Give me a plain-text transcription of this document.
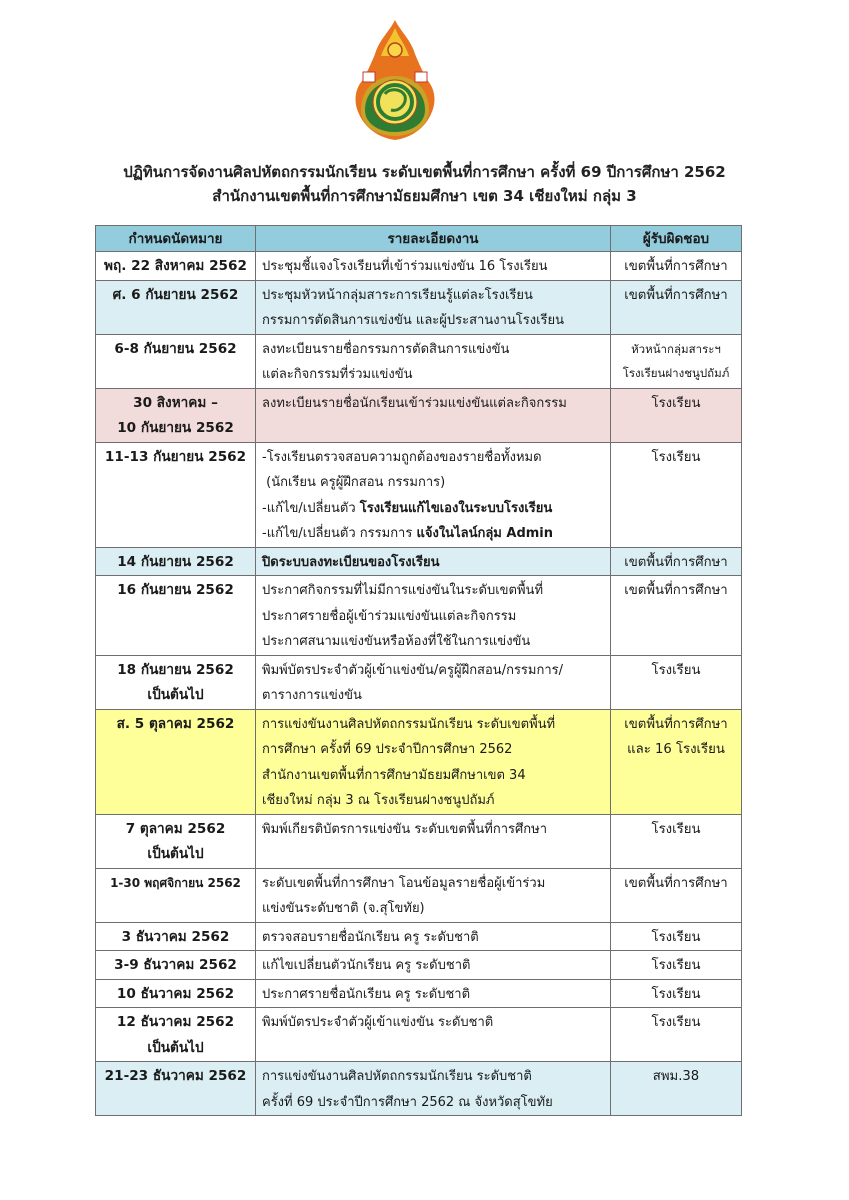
ปฏิทินการจัดงานศิลปหัตถกรรมนักเรียน ระดับเขตพื้นที่การศึกษา ครั้งที่ 69 ปีการศึกษา 2562
สำนักงานเขตพื้นที่การศึกษามัธยมศึกษา เขต 34 เชียงใหม่ กลุ่ม 3
กำหนดนัดหมาย	รายละเอียดงาน	ผู้รับผิดชอบ

พฤ. 22 สิงหาคม 2562	ประชุมชี้แจงโรงเรียนที่เข้าร่วมแข่งขัน 16 โรงเรียน	เขตพื้นที่การศึกษา

ศ. 6 กันยายน 2562	ประชุมหัวหน้ากลุ่มสาระการเรียนรู้แต่ละโรงเรียน
กรรมการตัดสินการแข่งขัน และผู้ประสานงานโรงเรียน	เขตพื้นที่การศึกษา

6-8 กันยายน 2562	ลงทะเบียนรายชื่อกรรมการตัดสินการแข่งขัน
แต่ละกิจกรรมที่ร่วมแข่งขัน	หัวหน้ากลุ่มสาระฯ
โรงเรียนฝางชนูปถัมภ์

30 สิงหาคม –
10 กันยายน 2562	ลงทะเบียนรายชื่อนักเรียนเข้าร่วมแข่งขันแต่ละกิจกรรม	โรงเรียน

11-13 กันยายน 2562	-โรงเรียนตรวจสอบความถูกต้องของรายชื่อทั้งหมด
(นักเรียน ครูผู้ฝึกสอน กรรมการ)
-แก้ไข/เปลี่ยนตัว โรงเรียนแก้ไขเองในระบบโรงเรียน
-แก้ไข/เปลี่ยนตัว กรรมการ แจ้งในไลน์กลุ่ม Admin	โรงเรียน

14 กันยายน 2562	ปิดระบบลงทะเบียนของโรงเรียน	เขตพื้นที่การศึกษา

16 กันยายน 2562	ประกาศกิจกรรมที่ไม่มีการแข่งขันในระดับเขตพื้นที่
ประกาศรายชื่อผู้เข้าร่วมแข่งขันแต่ละกิจกรรม
ประกาศสนามแข่งขันหรือห้องที่ใช้ในการแข่งขัน	เขตพื้นที่การศึกษา

18 กันยายน 2562
เป็นต้นไป	พิมพ์บัตรประจำตัวผู้เข้าแข่งขัน/ครูผู้ฝึกสอน/กรรมการ/
ตารางการแข่งขัน	โรงเรียน

ส. 5 ตุลาคม 2562	การแข่งขันงานศิลปหัตถกรรมนักเรียน ระดับเขตพื้นที่
การศึกษา ครั้งที่ 69 ประจำปีการศึกษา 2562
สำนักงานเขตพื้นที่การศึกษามัธยมศึกษาเขต 34
เชียงใหม่ กลุ่ม 3 ณ โรงเรียนฝางชนูปถัมภ์	เขตพื้นที่การศึกษา
และ 16 โรงเรียน

7 ตุลาคม 2562
เป็นต้นไป	พิมพ์เกียรติบัตรการแข่งขัน ระดับเขตพื้นที่การศึกษา	โรงเรียน

1-30 พฤศจิกายน 2562	ระดับเขตพื้นที่การศึกษา โอนข้อมูลรายชื่อผู้เข้าร่วม
แข่งขันระดับชาติ (จ.สุโขทัย)	เขตพื้นที่การศึกษา

3 ธันวาคม 2562	ตรวจสอบรายชื่อนักเรียน ครู ระดับชาติ	โรงเรียน

3-9 ธันวาคม 2562	แก้ไขเปลี่ยนตัวนักเรียน ครู ระดับชาติ	โรงเรียน

10 ธันวาคม 2562	ประกาศรายชื่อนักเรียน ครู ระดับชาติ	โรงเรียน

12 ธันวาคม 2562
เป็นต้นไป	พิมพ์บัตรประจำตัวผู้เข้าแข่งขัน ระดับชาติ	โรงเรียน

21-23 ธันวาคม 2562	การแข่งขันงานศิลปหัตถกรรมนักเรียน ระดับชาติ
ครั้งที่ 69 ประจำปีการศึกษา 2562 ณ จังหวัดสุโขทัย	สพม.38
